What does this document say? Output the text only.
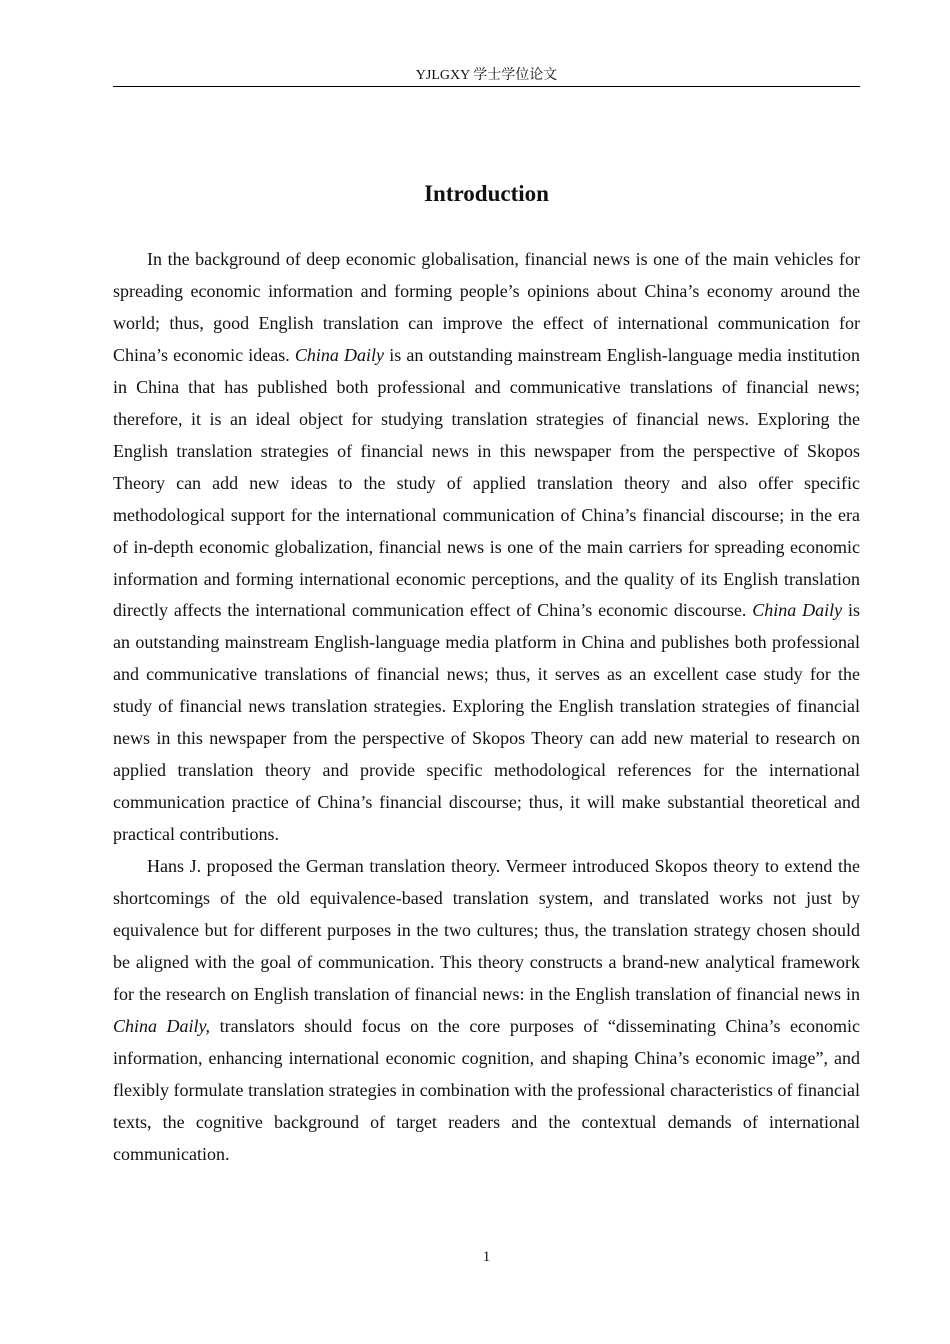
YJLGXY 学士学位论文
Introduction

In the background of deep economic globalisation, financial news is one of the main vehicles for spreading economic information and forming people’s opinions about China’s economy around the world; thus, good English translation can improve the effect of international communication for China’s economic ideas. China Daily is an outstanding mainstream English-language media institution in China that has published both professional and communicative translations of financial news; therefore, it is an ideal object for studying translation strategies of financial news. Exploring the English translation strategies of financial news in this newspaper from the perspective of Skopos Theory can add new ideas to the study of applied translation theory and also offer specific methodological support for the international communication of China’s financial discourse; in the era of in-depth economic globalization, financial news is one of the main carriers for spreading economic information and forming international economic perceptions, and the quality of its English translation directly affects the international communication effect of China’s economic discourse. China Daily is an outstanding mainstream English-language media platform in China and publishes both professional and communicative translations of financial news; thus, it serves as an excellent case study for the study of financial news translation strategies. Exploring the English translation strategies of financial news in this newspaper from the perspective of Skopos Theory can add new material to research on applied translation theory and provide specific methodological references for the international communication practice of China’s financial discourse; thus, it will make substantial theoretical and practical contributions.

Hans J. proposed the German translation theory. Vermeer introduced Skopos theory to extend the shortcomings of the old equivalence-based translation system, and translated works not just by equivalence but for different purposes in the two cultures; thus, the translation strategy chosen should be aligned with the goal of communication. This theory constructs a brand-new analytical framework for the research on English translation of financial news: in the English translation of financial news in China Daily, translators should focus on the core purposes of “disseminating China’s economic information, enhancing international economic cognition, and shaping China’s economic image”, and flexibly formulate translation strategies in combination with the professional characteristics of financial texts, the cognitive background of target readers and the contextual demands of international communication.

1
